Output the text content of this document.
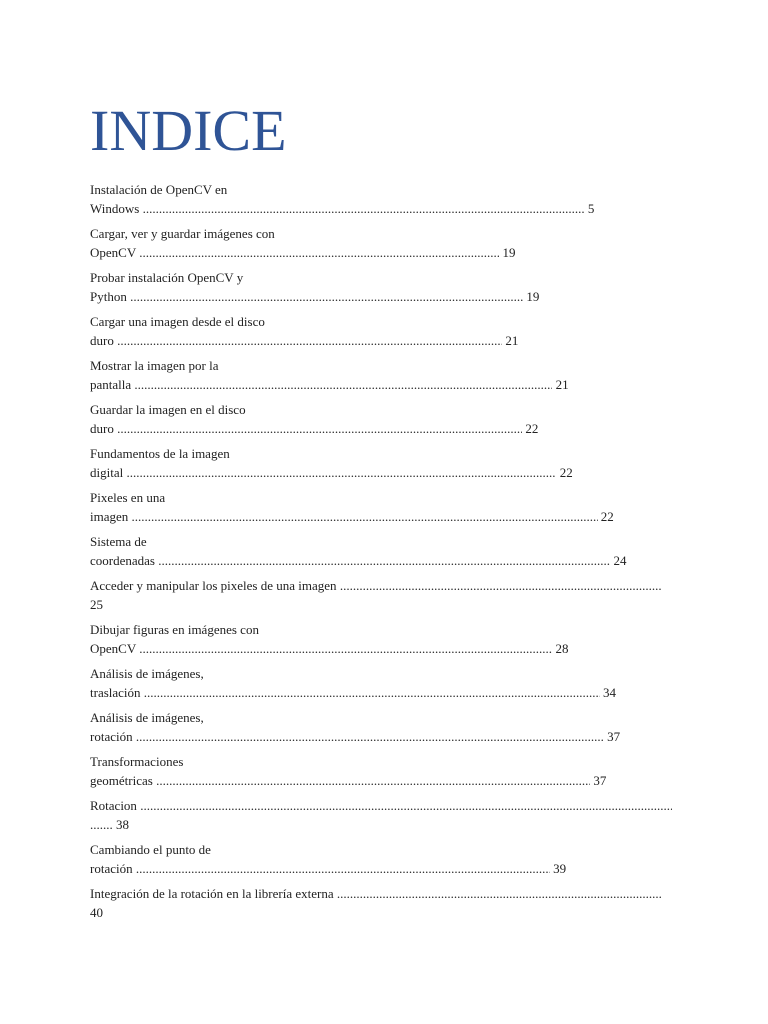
INDICE
Instalación de OpenCV en
Windows .....	5
Cargar, ver y guardar imágenes con
OpenCV .....	19
Probar instalación OpenCV y
Python .....	19
Cargar una imagen desde el disco
duro .....	21
Mostrar la imagen por la
pantalla .....	21
Guardar la imagen en el disco
duro .....	22
Fundamentos de la imagen
digital .....	22
Pixeles en una
imagen .....	22
Sistema de
coordenadas .....	24
Acceder y manipular los pixeles de una imagen .....
25
Dibujar figuras en imágenes con
OpenCV .....	28
Análisis de imágenes,
traslación .....	34
Análisis de imágenes,
rotación .....	37
Transformaciones
geométricas .....	37
Rotacion .....
....... 38
Cambiando el punto de
rotación .....	39
Integración de la rotación en la librería externa .....
40
